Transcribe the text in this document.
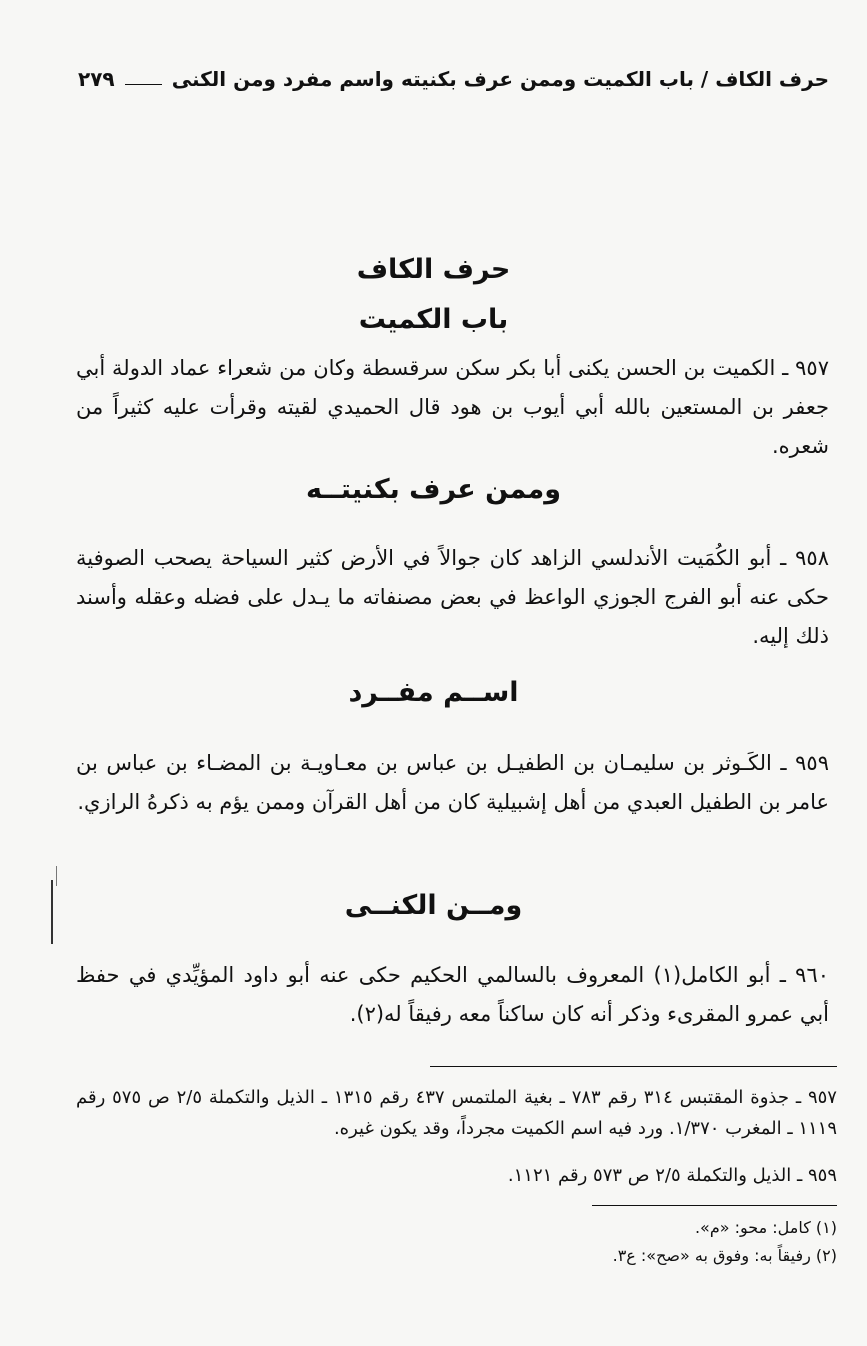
حرف الكاف / باب الكميت وممن عرف بكنيته واسم مفرد ومن الكنى
٢٧٩
حرف الكاف
باب الكميت
٩٥٧ ـ الكميت بن الحسن يكنى أبا بكر سكن سرقسطة وكان من شعراء عماد الدولة أبي جعفر بن المستعين بالله أبي أيوب بن هود قال الحميدي لقيته وقرأت عليه كثيراً من شعره.
وممن عرف بكنيتــه
٩٥٨ ـ أبو الكُمَيت الأندلسي الزاهد كان جوالاً في الأرض كثير السياحة يصحب الصوفية حكى عنه أبو الفرج الجوزي الواعظ في بعض مصنفاته ما يـدل على فضله وعقله وأسند ذلك إليه.
اســم مفــرد
٩٥٩ ـ الكَـوثر بن سليمـان بن الطفيـل بن عباس بن معـاويـة بن المضـاء بن عباس بن عامر بن الطفيل العبدي من أهل إشبيلية كان من أهل القرآن وممن يؤم به ذكرهُ الرازي.
ومــن الكنــى
٩٦٠ ـ أبو الكامل(١) المعروف بالسالمي الحكيم حكى عنه أبو داود المؤيِّدي في حفظ أبي عمرو المقرىء وذكر أنه كان ساكناً معه رفيقاً له(٢).
٩٥٧ ـ جذوة المقتبس ٣١٤ رقم ٧٨٣ ـ بغية الملتمس ٤٣٧ رقم ١٣١٥ ـ الذيل والتكملة ٢/٥ ص ٥٧٥ رقم ١١١٩ ـ المغرب ١/٣٧٠. ورد فيه اسم الكميت مجرداً، وقد يكون غيره.
٩٥٩ ـ الذيل والتكملة ٢/٥ ص ٥٧٣ رقم ١١٢١.
(١) كامل: محو: «م».
(٢) رفيقاً به: وفوق به «صح»: ع٣.
